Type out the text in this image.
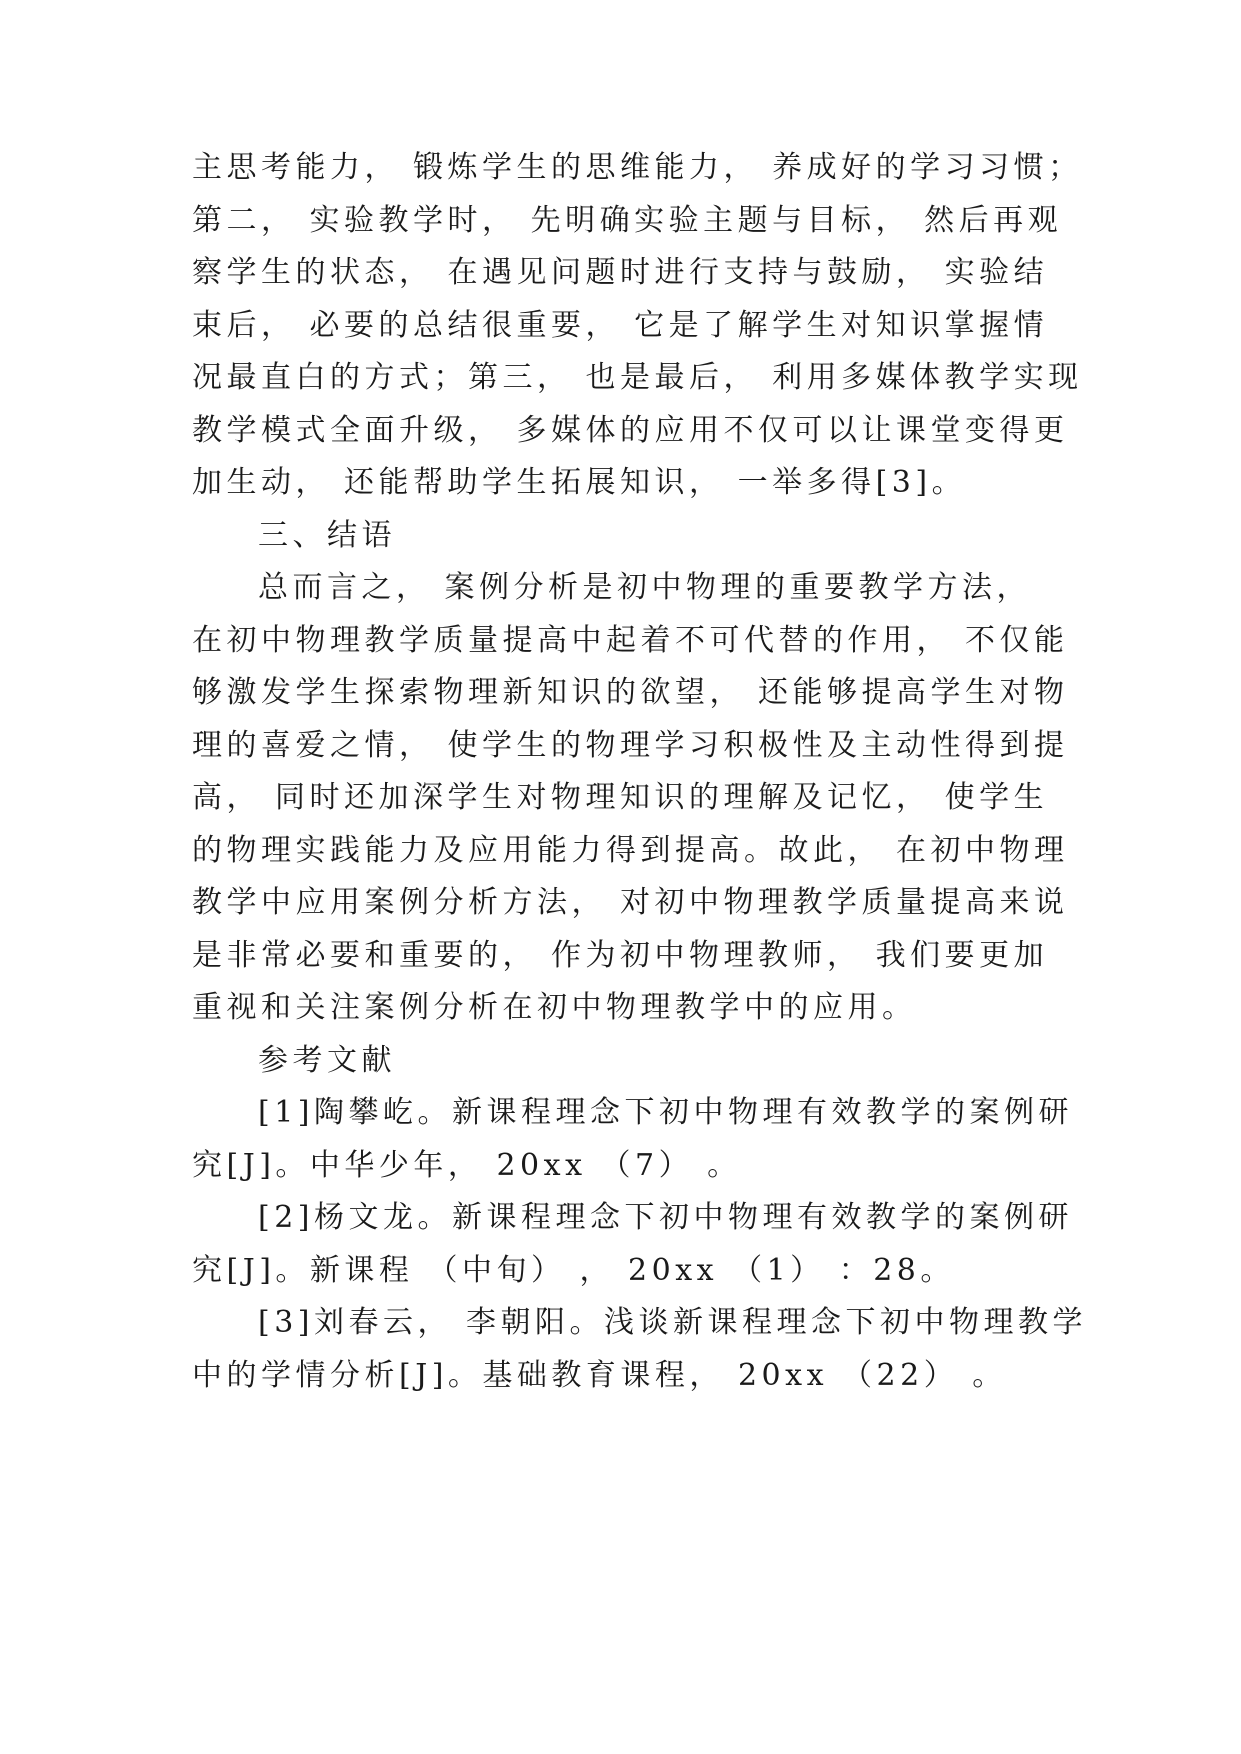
主思考能力， 锻炼学生的思维能力， 养成好的学习习惯；
第二， 实验教学时， 先明确实验主题与目标， 然后再观
察学生的状态， 在遇见问题时进行支持与鼓励， 实验结
束后， 必要的总结很重要， 它是了解学生对知识掌握情
况最直白的方式；第三， 也是最后， 利用多媒体教学实现
教学模式全面升级， 多媒体的应用不仅可以让课堂变得更
加生动， 还能帮助学生拓展知识， 一举多得[3]。
三、结语
总而言之， 案例分析是初中物理的重要教学方法，
在初中物理教学质量提高中起着不可代替的作用， 不仅能
够激发学生探索物理新知识的欲望， 还能够提高学生对物
理的喜爱之情， 使学生的物理学习积极性及主动性得到提
高， 同时还加深学生对物理知识的理解及记忆， 使学生
的物理实践能力及应用能力得到提高。故此， 在初中物理
教学中应用案例分析方法， 对初中物理教学质量提高来说
是非常必要和重要的， 作为初中物理教师， 我们要更加
重视和关注案例分析在初中物理教学中的应用。
参考文献
[1]陶攀屹。新课程理念下初中物理有效教学的案例研
究[J]。中华少年， 20xx （7） 。
[2]杨文龙。新课程理念下初中物理有效教学的案例研
究[J]。新课程 （中旬） ， 20xx （1） ：28。
[3]刘春云， 李朝阳。浅谈新课程理念下初中物理教学
中的学情分析[J]。基础教育课程， 20xx （22） 。
